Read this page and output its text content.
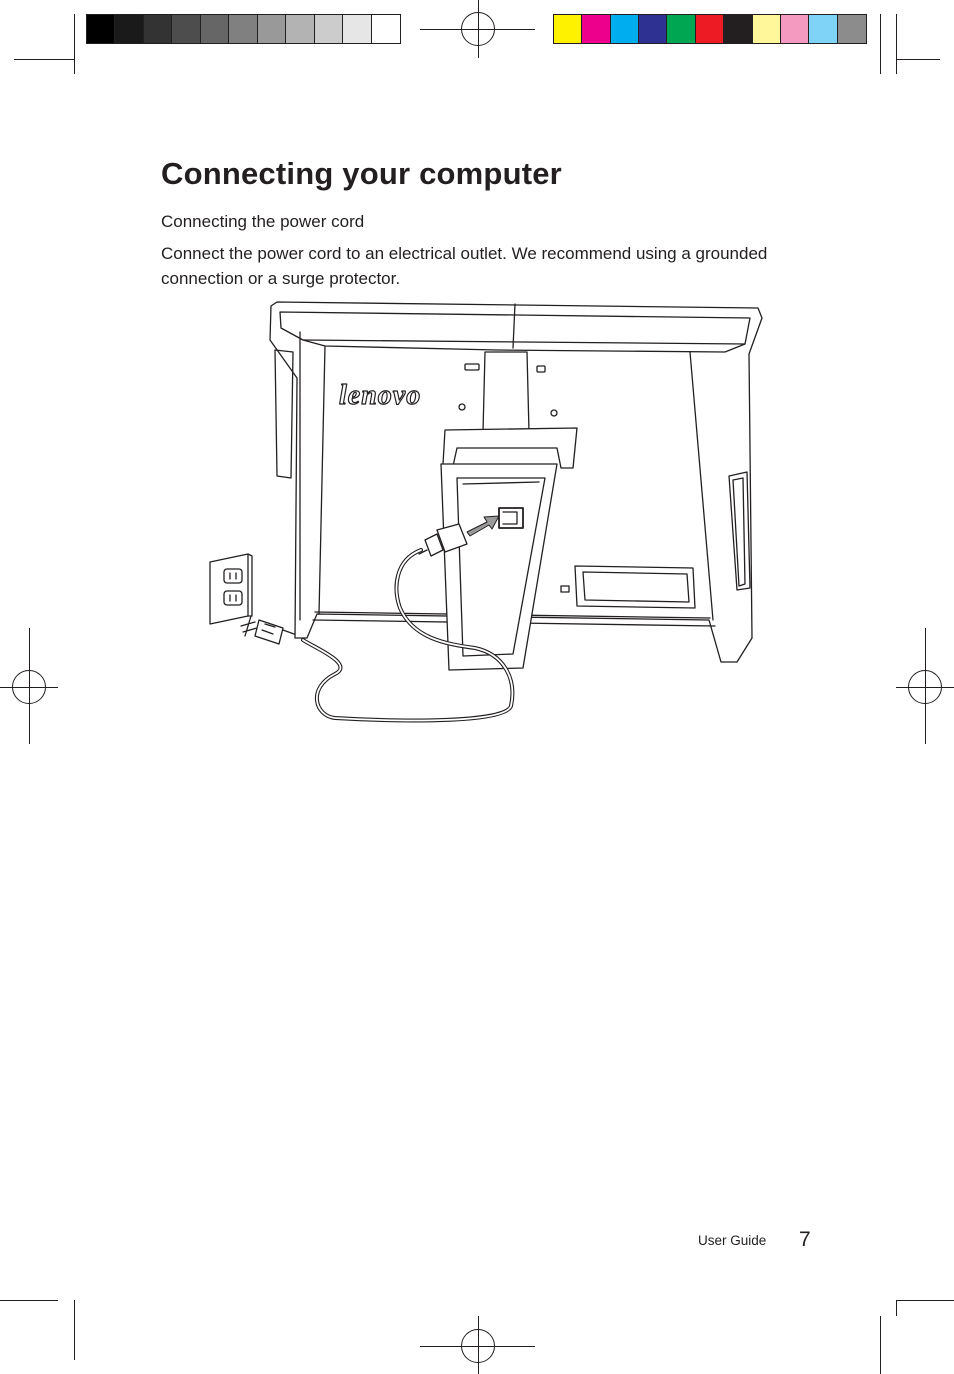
Connecting your computer
Connecting the power cord

Connect the power cord to an electrical outlet. We recommend using a grounded connection or a surge protector.

lenovo
User Guide 7
